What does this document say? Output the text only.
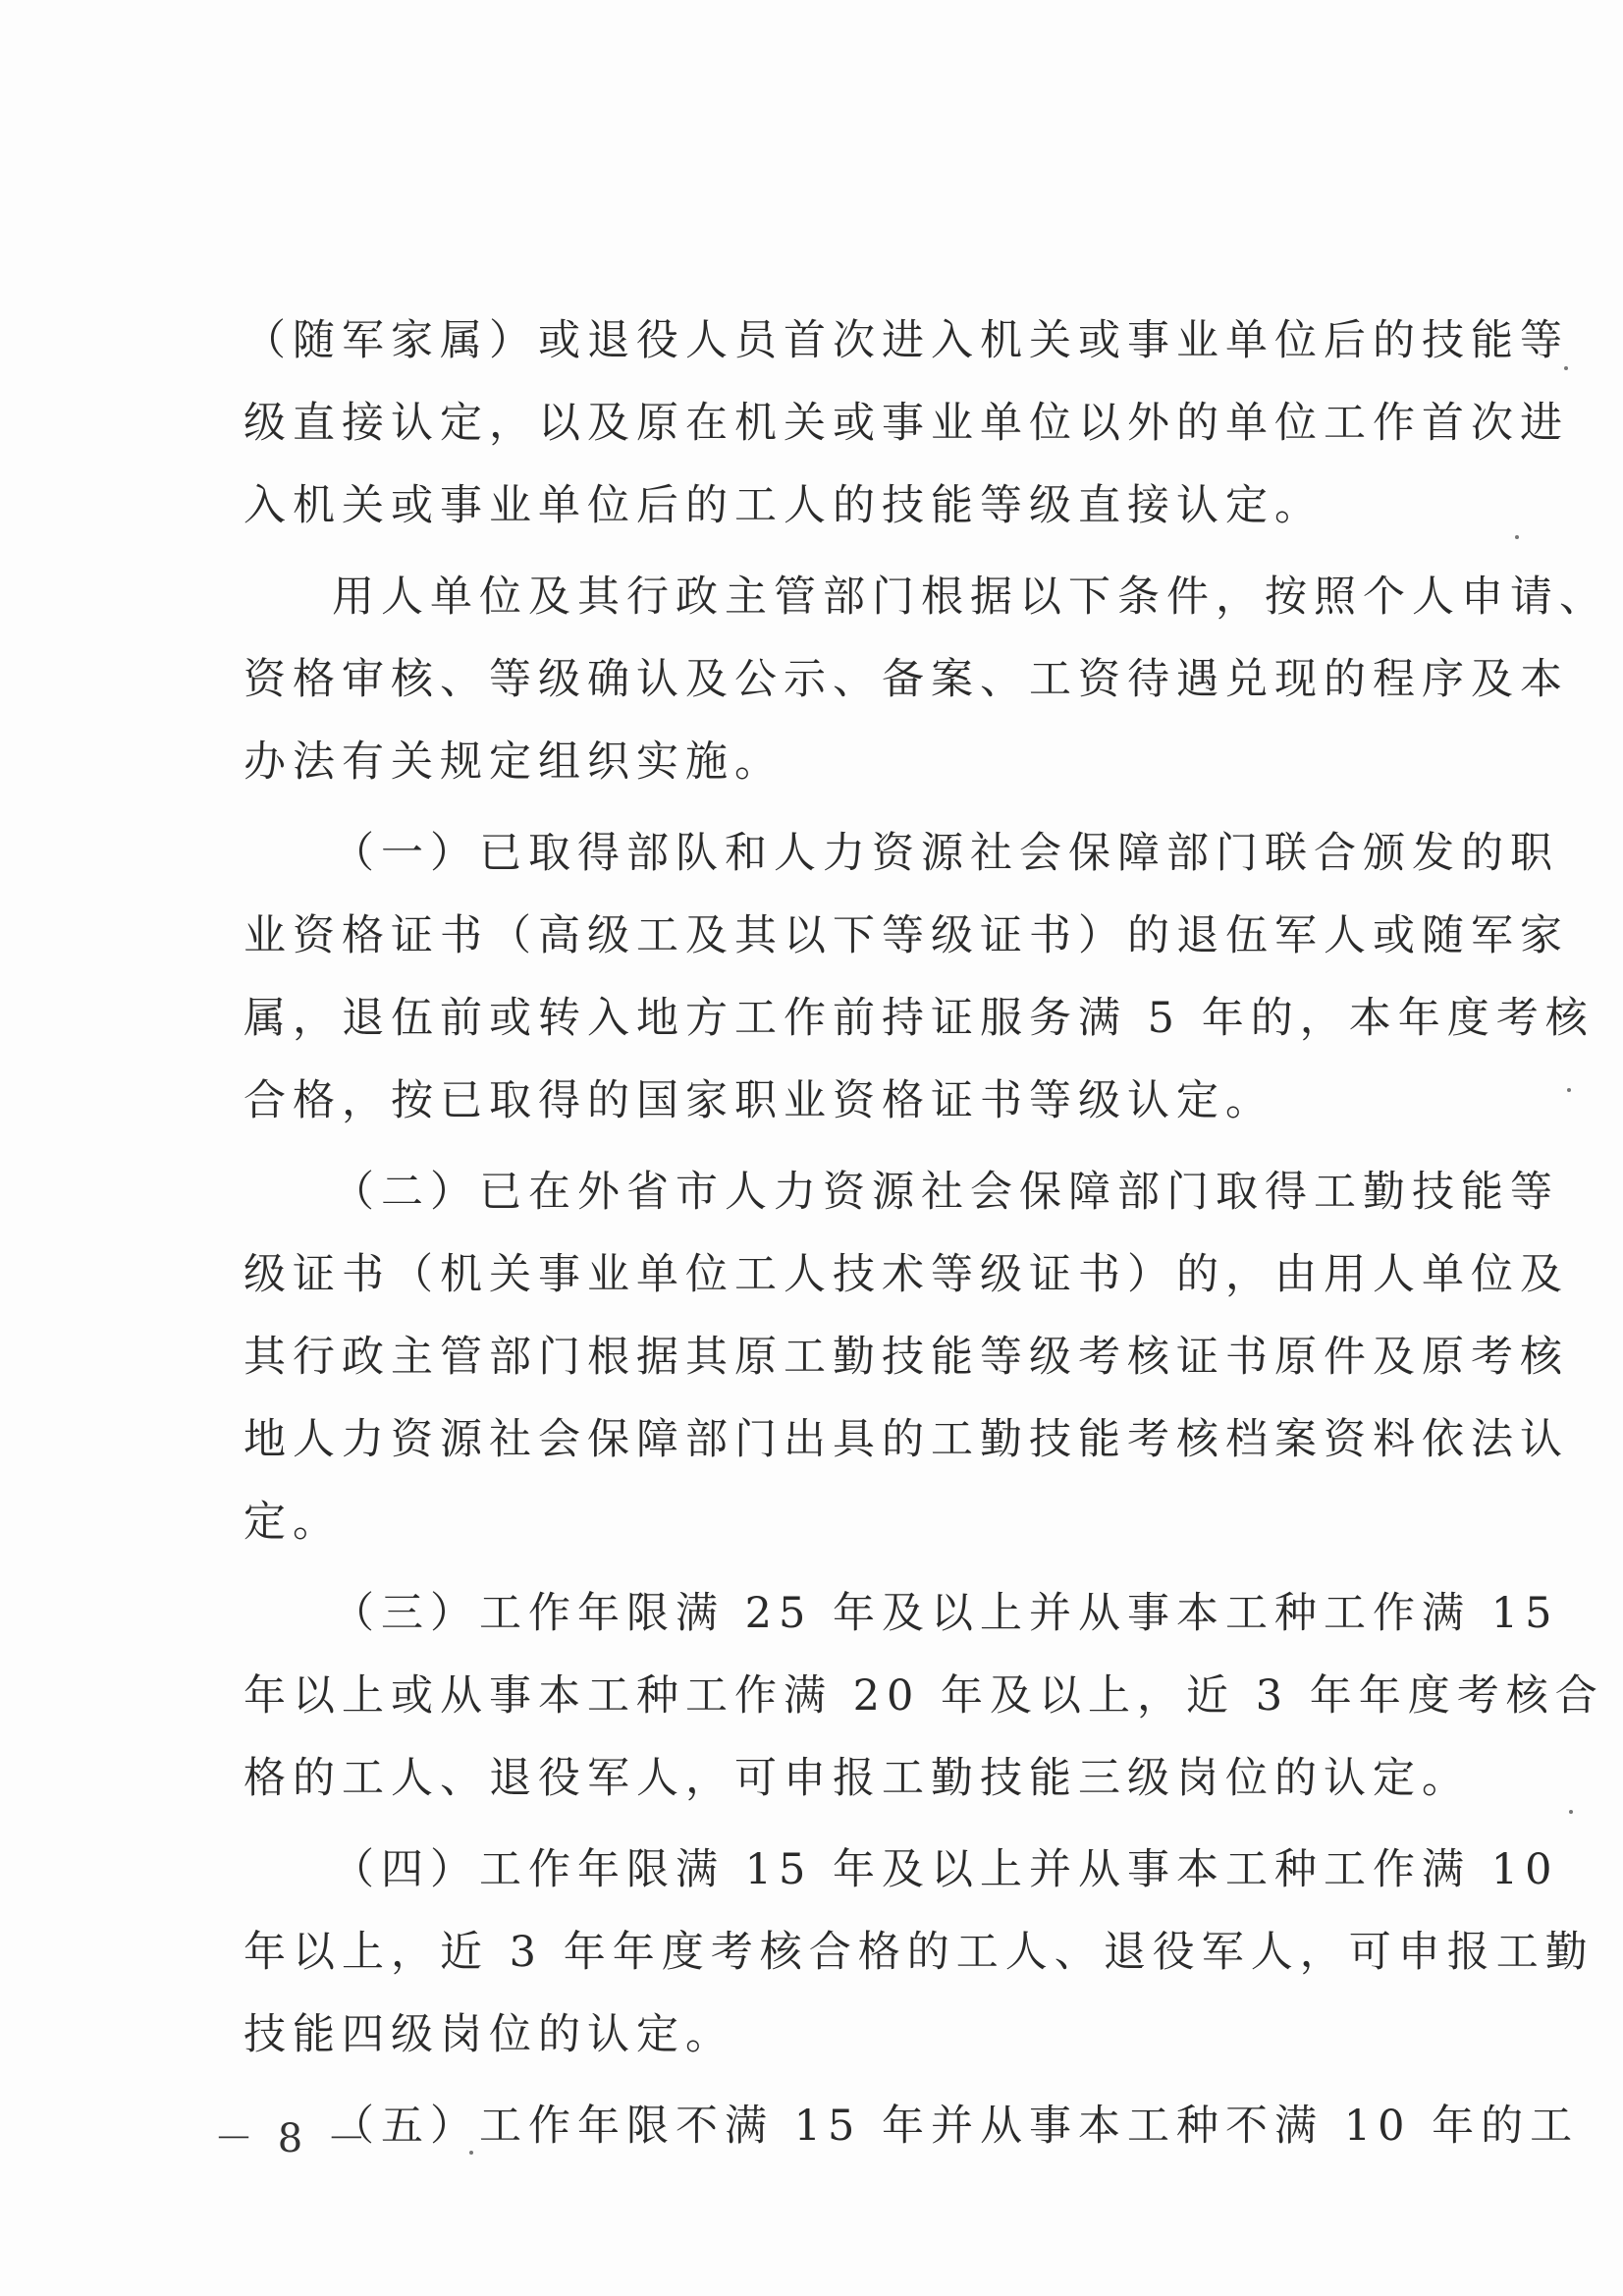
（随军家属）或退役人员首次进入机关或事业单位后的技能等
级直接认定，以及原在机关或事业单位以外的单位工作首次进
入机关或事业单位后的工人的技能等级直接认定。
用人单位及其行政主管部门根据以下条件，按照个人申请、
资格审核、等级确认及公示、备案、工资待遇兑现的程序及本
办法有关规定组织实施。
（一）已取得部队和人力资源社会保障部门联合颁发的职
业资格证书（高级工及其以下等级证书）的退伍军人或随军家
属，退伍前或转入地方工作前持证服务满 5 年的，本年度考核
合格，按已取得的国家职业资格证书等级认定。
（二）已在外省市人力资源社会保障部门取得工勤技能等
级证书（机关事业单位工人技术等级证书）的，由用人单位及
其行政主管部门根据其原工勤技能等级考核证书原件及原考核
地人力资源社会保障部门出具的工勤技能考核档案资料依法认
定。
（三）工作年限满 25 年及以上并从事本工种工作满 15
年以上或从事本工种工作满 20 年及以上，近 3 年年度考核合
格的工人、退役军人，可申报工勤技能三级岗位的认定。
（四）工作年限满 15 年及以上并从事本工种工作满 10
年以上，近 3 年年度考核合格的工人、退役军人，可申报工勤
技能四级岗位的认定。
（五）工作年限不满 15 年并从事本工种不满 10 年的工
－ 8 －
